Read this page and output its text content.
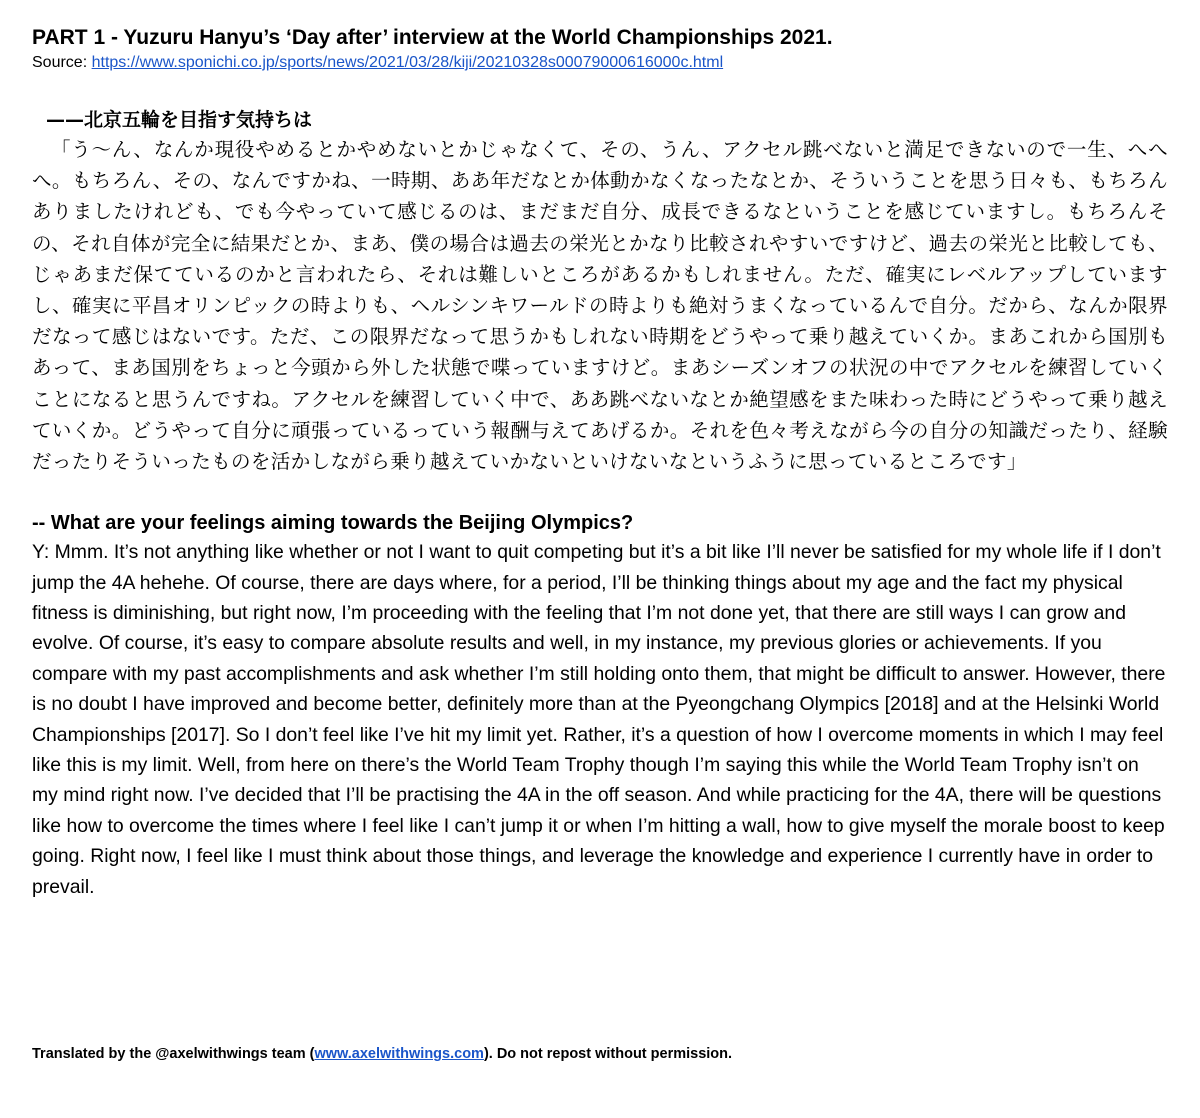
PART 1 - Yuzuru Hanyu’s ‘Day after’ interview at the World Championships 2021.

Source: https://www.sponichi.co.jp/sports/news/2021/03/28/kiji/20210328s00079000616000c.html

——北京五輪を目指す気持ちは

「う〜ん、なんか現役やめるとかやめないとかじゃなくて、その、うん、アクセル跳べないと満足できないので一生、へへへ。もちろん、その、なんですかね、一時期、ああ年だなとか体動かなくなったなとか、そういうことを思う日々も、もちろんありましたけれども、でも今やっていて感じるのは、まだまだ自分、成長できるなということを感じていますし。もちろんその、それ自体が完全に結果だとか、まあ、僕の場合は過去の栄光とかなり比較されやすいですけど、過去の栄光と比較しても、じゃあまだ保てているのかと言われたら、それは難しいところがあるかもしれません。ただ、確実にレベルアップしていますし、確実に平昌オリンピックの時よりも、ヘルシンキワールドの時よりも絶対うまくなっているんで自分。だから、なんか限界だなって感じはないです。ただ、この限界だなって思うかもしれない時期をどうやって乗り越えていくか。まあこれから国別もあって、まあ国別をちょっと今頭から外した状態で喋っていますけど。まあシーズンオフの状況の中でアクセルを練習していくことになると思うんですね。アクセルを練習していく中で、ああ跳べないなとか絶望感をまた味わった時にどうやって乗り越えていくか。どうやって自分に頑張っているっていう報酬与えてあげるか。それを色々考えながら今の自分の知識だったり、経験だったりそういったものを活かしながら乗り越えていかないといけないなというふうに思っているところです」

-- What are your feelings aiming towards the Beijing Olympics?

Y: Mmm. It’s not anything like whether or not I want to quit competing but it’s a bit like I’ll never be satisfied for my whole life if I don’t jump the 4A hehehe. Of course, there are days where, for a period, I’ll be thinking things about my age and the fact my physical fitness is diminishing, but right now, I’m proceeding with the feeling that I’m not done yet, that there are still ways I can grow and evolve. Of course, it’s easy to compare absolute results and well, in my instance, my previous glories or achievements. If you compare with my past accomplishments and ask whether I’m still holding onto them, that might be difficult to answer. However, there is no doubt I have improved and become better, definitely more than at the Pyeongchang Olympics [2018] and at the Helsinki World Championships [2017]. So I don’t feel like I’ve hit my limit yet. Rather, it’s a question of how I overcome moments in which I may feel like this is my limit. Well, from here on there’s the World Team Trophy though I’m saying this while the World Team Trophy isn’t on my mind right now. I’ve decided that I’ll be practising the 4A in the off season. And while practicing for the 4A, there will be questions like how to overcome the times where I feel like I can’t jump it or when I’m hitting a wall, how to give myself the morale boost to keep going. Right now, I feel like I must think about those things, and leverage the knowledge and experience I currently have in order to prevail.

Translated by the @axelwithwings team (www.axelwithwings.com). Do not repost without permission.
